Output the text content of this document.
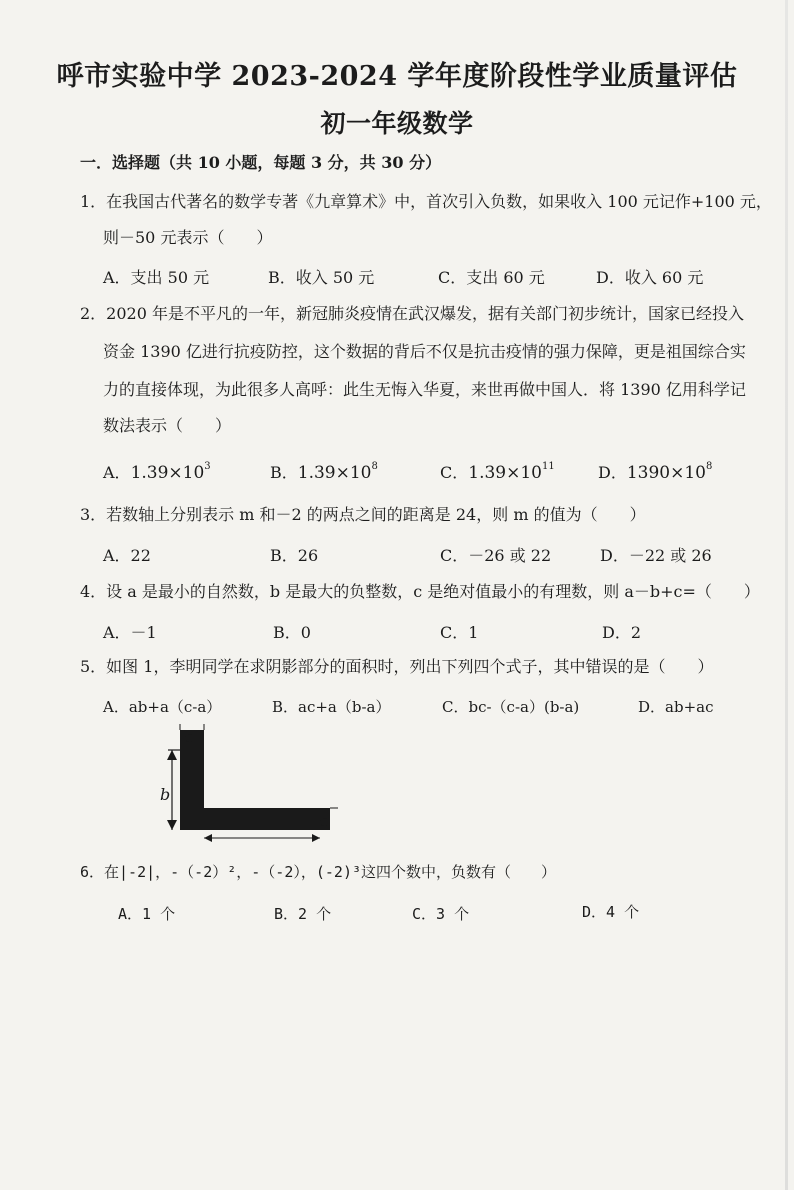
呼市实验中学 2023-2024 学年度阶段性学业质量评估
初一年级数学
一．选择题（共 10 小题，每题 3 分，共 30 分）
1．在我国古代著名的数学专著《九章算术》中，首次引入负数，如果收入 100 元记作+100 元，
则－50 元表示（　　）
A．支出 50 元	B．收入 50 元	C．支出 60 元	D．收入 60 元
2．2020 年是不平凡的一年，新冠肺炎疫情在武汉爆发，据有关部门初步统计，国家已经投入
资金 1390 亿进行抗疫防控，这个数据的背后不仅是抗击疫情的强力保障，更是祖国综合实
力的直接体现，为此很多人高呼：此生无悔入华夏，来世再做中国人．将 1390 亿用科学记
数法表示（　　）
A．$1.39\times 10^3$	B．$1.39\times 10^8$	C．$1.39\times 10^{11}$	D．$1390\times 10^8$
3．若数轴上分别表示 m 和－2 的两点之间的距离是 24，则 m 的值为（　　）
A．22	B．26	C．－26 或 22	D．－22 或 26
4．设 a 是最小的自然数，b 是最大的负整数，c 是绝对值最小的有理数，则 a－b+c=（　　）
A．－1	B．0	C．1	D．2
5．如图 1，李明同学在求阴影部分的面积时，列出下列四个式子，其中错误的是（　　）
A．ab+a（c-a）	B．ac+a（b-a）	C．bc-（c-a）(b-a)	D．ab+ac
a
b
a
6．在|-2|，-（-2）²，-（-2），(-2)³这四个数中，负数有（　　）
A．1 个	B．2 个	C．3 个	D．4 个
